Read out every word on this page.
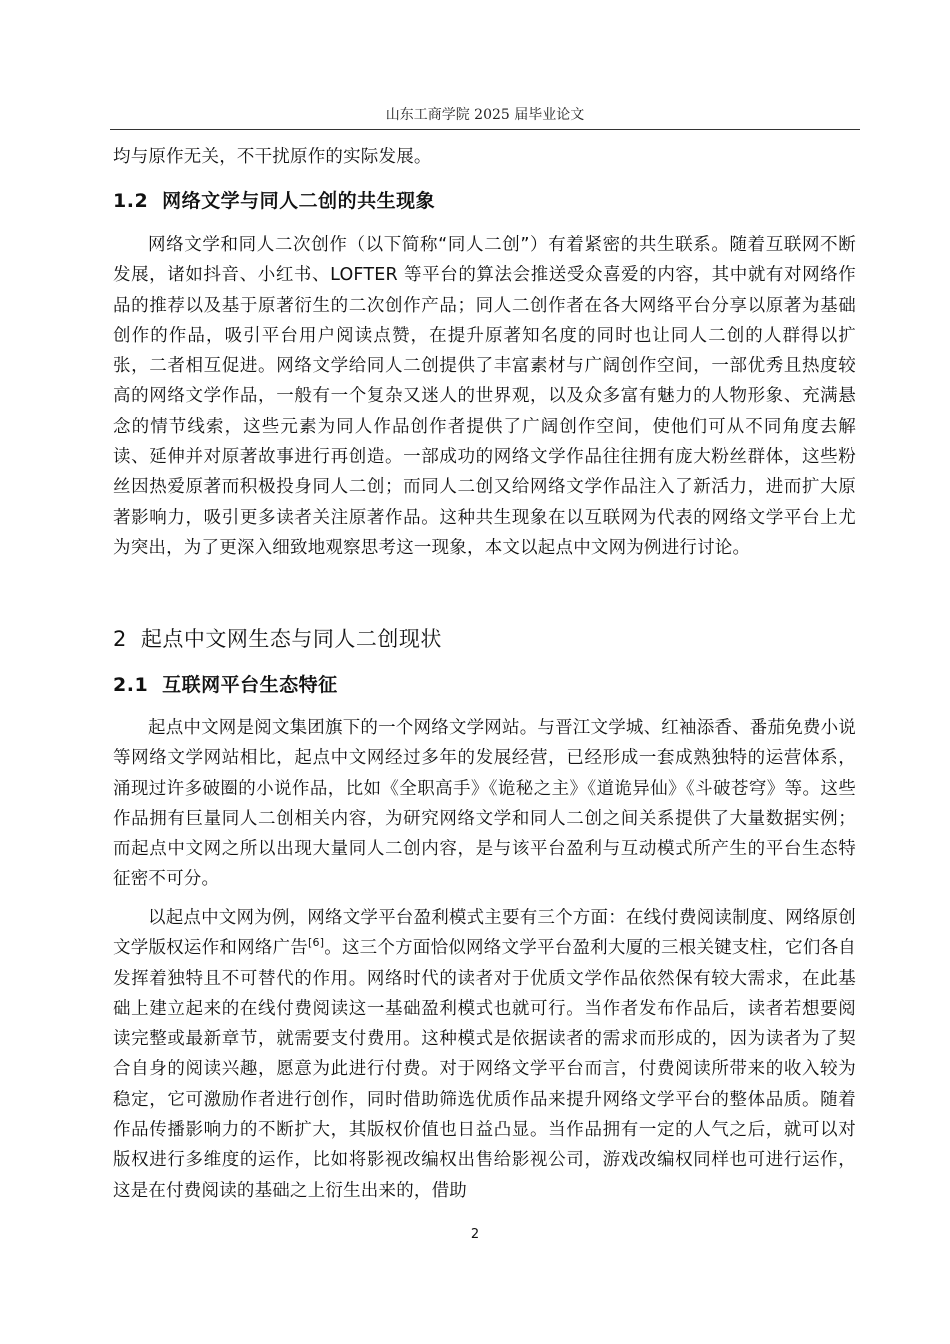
山东工商学院 2025 届毕业论文
均与原作无关，不干扰原作的实际发展。
1.2 网络文学与同人二创的共生现象
网络文学和同人二次创作（以下简称“同人二创”）有着紧密的共生联系。随着互联网不断发展，诸如抖音、小红书、LOFTER 等平台的算法会推送受众喜爱的内容，其中就有对网络作品的推荐以及基于原著衍生的二次创作产品；同人二创作者在各大网络平台分享以原著为基础创作的作品，吸引平台用户阅读点赞，在提升原著知名度的同时也让同人二创的人群得以扩张，二者相互促进。网络文学给同人二创提供了丰富素材与广阔创作空间，一部优秀且热度较高的网络文学作品，一般有一个复杂又迷人的世界观，以及众多富有魅力的人物形象、充满悬念的情节线索，这些元素为同人作品创作者提供了广阔创作空间，使他们可从不同角度去解读、延伸并对原著故事进行再创造。一部成功的网络文学作品往往拥有庞大粉丝群体，这些粉丝因热爱原著而积极投身同人二创；而同人二创又给网络文学作品注入了新活力，进而扩大原著影响力，吸引更多读者关注原著作品。这种共生现象在以互联网为代表的网络文学平台上尤为突出，为了更深入细致地观察思考这一现象，本文以起点中文网为例进行讨论。
2 起点中文网生态与同人二创现状
2.1 互联网平台生态特征
起点中文网是阅文集团旗下的一个网络文学网站。与晋江文学城、红袖添香、番茄免费小说等网络文学网站相比，起点中文网经过多年的发展经营，已经形成一套成熟独特的运营体系，涌现过许多破圈的小说作品，比如《全职高手》《诡秘之主》《道诡异仙》《斗破苍穹》等。这些作品拥有巨量同人二创相关内容，为研究网络文学和同人二创之间关系提供了大量数据实例；而起点中文网之所以出现大量同人二创内容，是与该平台盈利与互动模式所产生的平台生态特征密不可分。
以起点中文网为例，网络文学平台盈利模式主要有三个方面：在线付费阅读制度、网络原创文学版权运作和网络广告[6]。这三个方面恰似网络文学平台盈利大厦的三根关键支柱，它们各自发挥着独特且不可替代的作用。网络时代的读者对于优质文学作品依然保有较大需求，在此基础上建立起来的在线付费阅读这一基础盈利模式也就可行。当作者发布作品后，读者若想要阅读完整或最新章节，就需要支付费用。这种模式是依据读者的需求而形成的，因为读者为了契合自身的阅读兴趣，愿意为此进行付费。对于网络文学平台而言，付费阅读所带来的收入较为稳定，它可激励作者进行创作，同时借助筛选优质作品来提升网络文学平台的整体品质。随着作品传播影响力的不断扩大，其版权价值也日益凸显。当作品拥有一定的人气之后，就可以对版权进行多维度的运作，比如将影视改编权出售给影视公司，游戏改编权同样也可进行运作，这是在付费阅读的基础之上衍生出来的，借助
2
